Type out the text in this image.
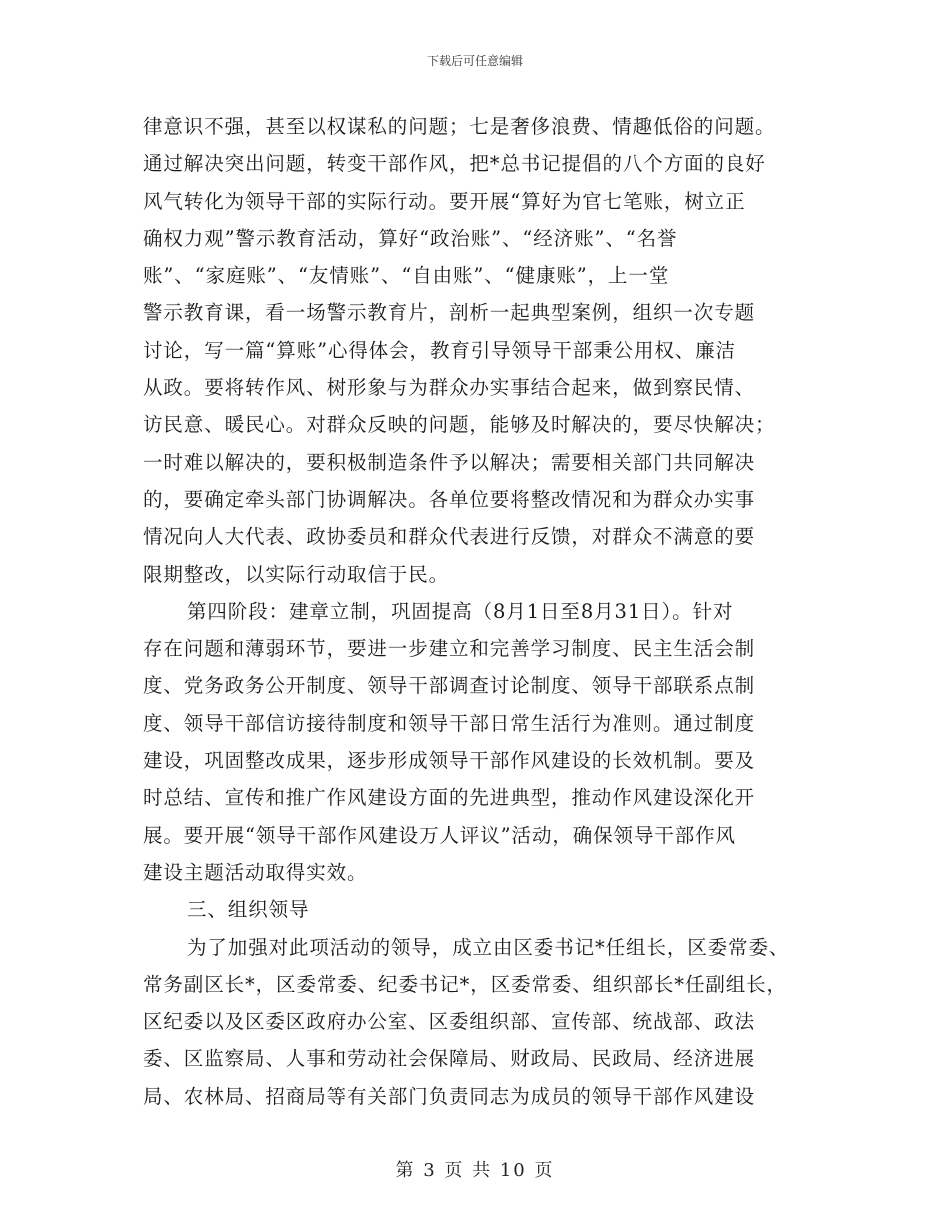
下载后可任意编辑
律意识不强，甚至以权谋私的问题；七是奢侈浪费、情趣低俗的问题。
通过解决突出问题，转变干部作风，把*总书记提倡的八个方面的良好
风气转化为领导干部的实际行动。要开展“算好为官七笔账，树立正
确权力观”警示教育活动，算好“政治账”、“经济账”、“名誉
账”、“家庭账”、“友情账”、“自由账”、“健康账”，上一堂
警示教育课，看一场警示教育片，剖析一起典型案例，组织一次专题
讨论，写一篇“算账”心得体会，教育引导领导干部秉公用权、廉洁
从政。要将转作风、树形象与为群众办实事结合起来，做到察民情、
访民意、暖民心。对群众反映的问题，能够及时解决的，要尽快解决；
一时难以解决的，要积极制造条件予以解决；需要相关部门共同解决
的，要确定牵头部门协调解决。各单位要将整改情况和为群众办实事
情况向人大代表、政协委员和群众代表进行反馈，对群众不满意的要
限期整改，以实际行动取信于民。
第四阶段：建章立制，巩固提高（8月1日至8月31日）。针对
存在问题和薄弱环节，要进一步建立和完善学习制度、民主生活会制
度、党务政务公开制度、领导干部调查讨论制度、领导干部联系点制
度、领导干部信访接待制度和领导干部日常生活行为准则。通过制度
建设，巩固整改成果，逐步形成领导干部作风建设的长效机制。要及
时总结、宣传和推广作风建设方面的先进典型，推动作风建设深化开
展。要开展“领导干部作风建设万人评议”活动，确保领导干部作风
建设主题活动取得实效。
三、组织领导
为了加强对此项活动的领导，成立由区委书记*任组长，区委常委、
常务副区长*，区委常委、纪委书记*，区委常委、组织部长*任副组长，
区纪委以及区委区政府办公室、区委组织部、宣传部、统战部、政法
委、区监察局、人事和劳动社会保障局、财政局、民政局、经济进展
局、农林局、招商局等有关部门负责同志为成员的领导干部作风建设
第 3 页 共 10 页
